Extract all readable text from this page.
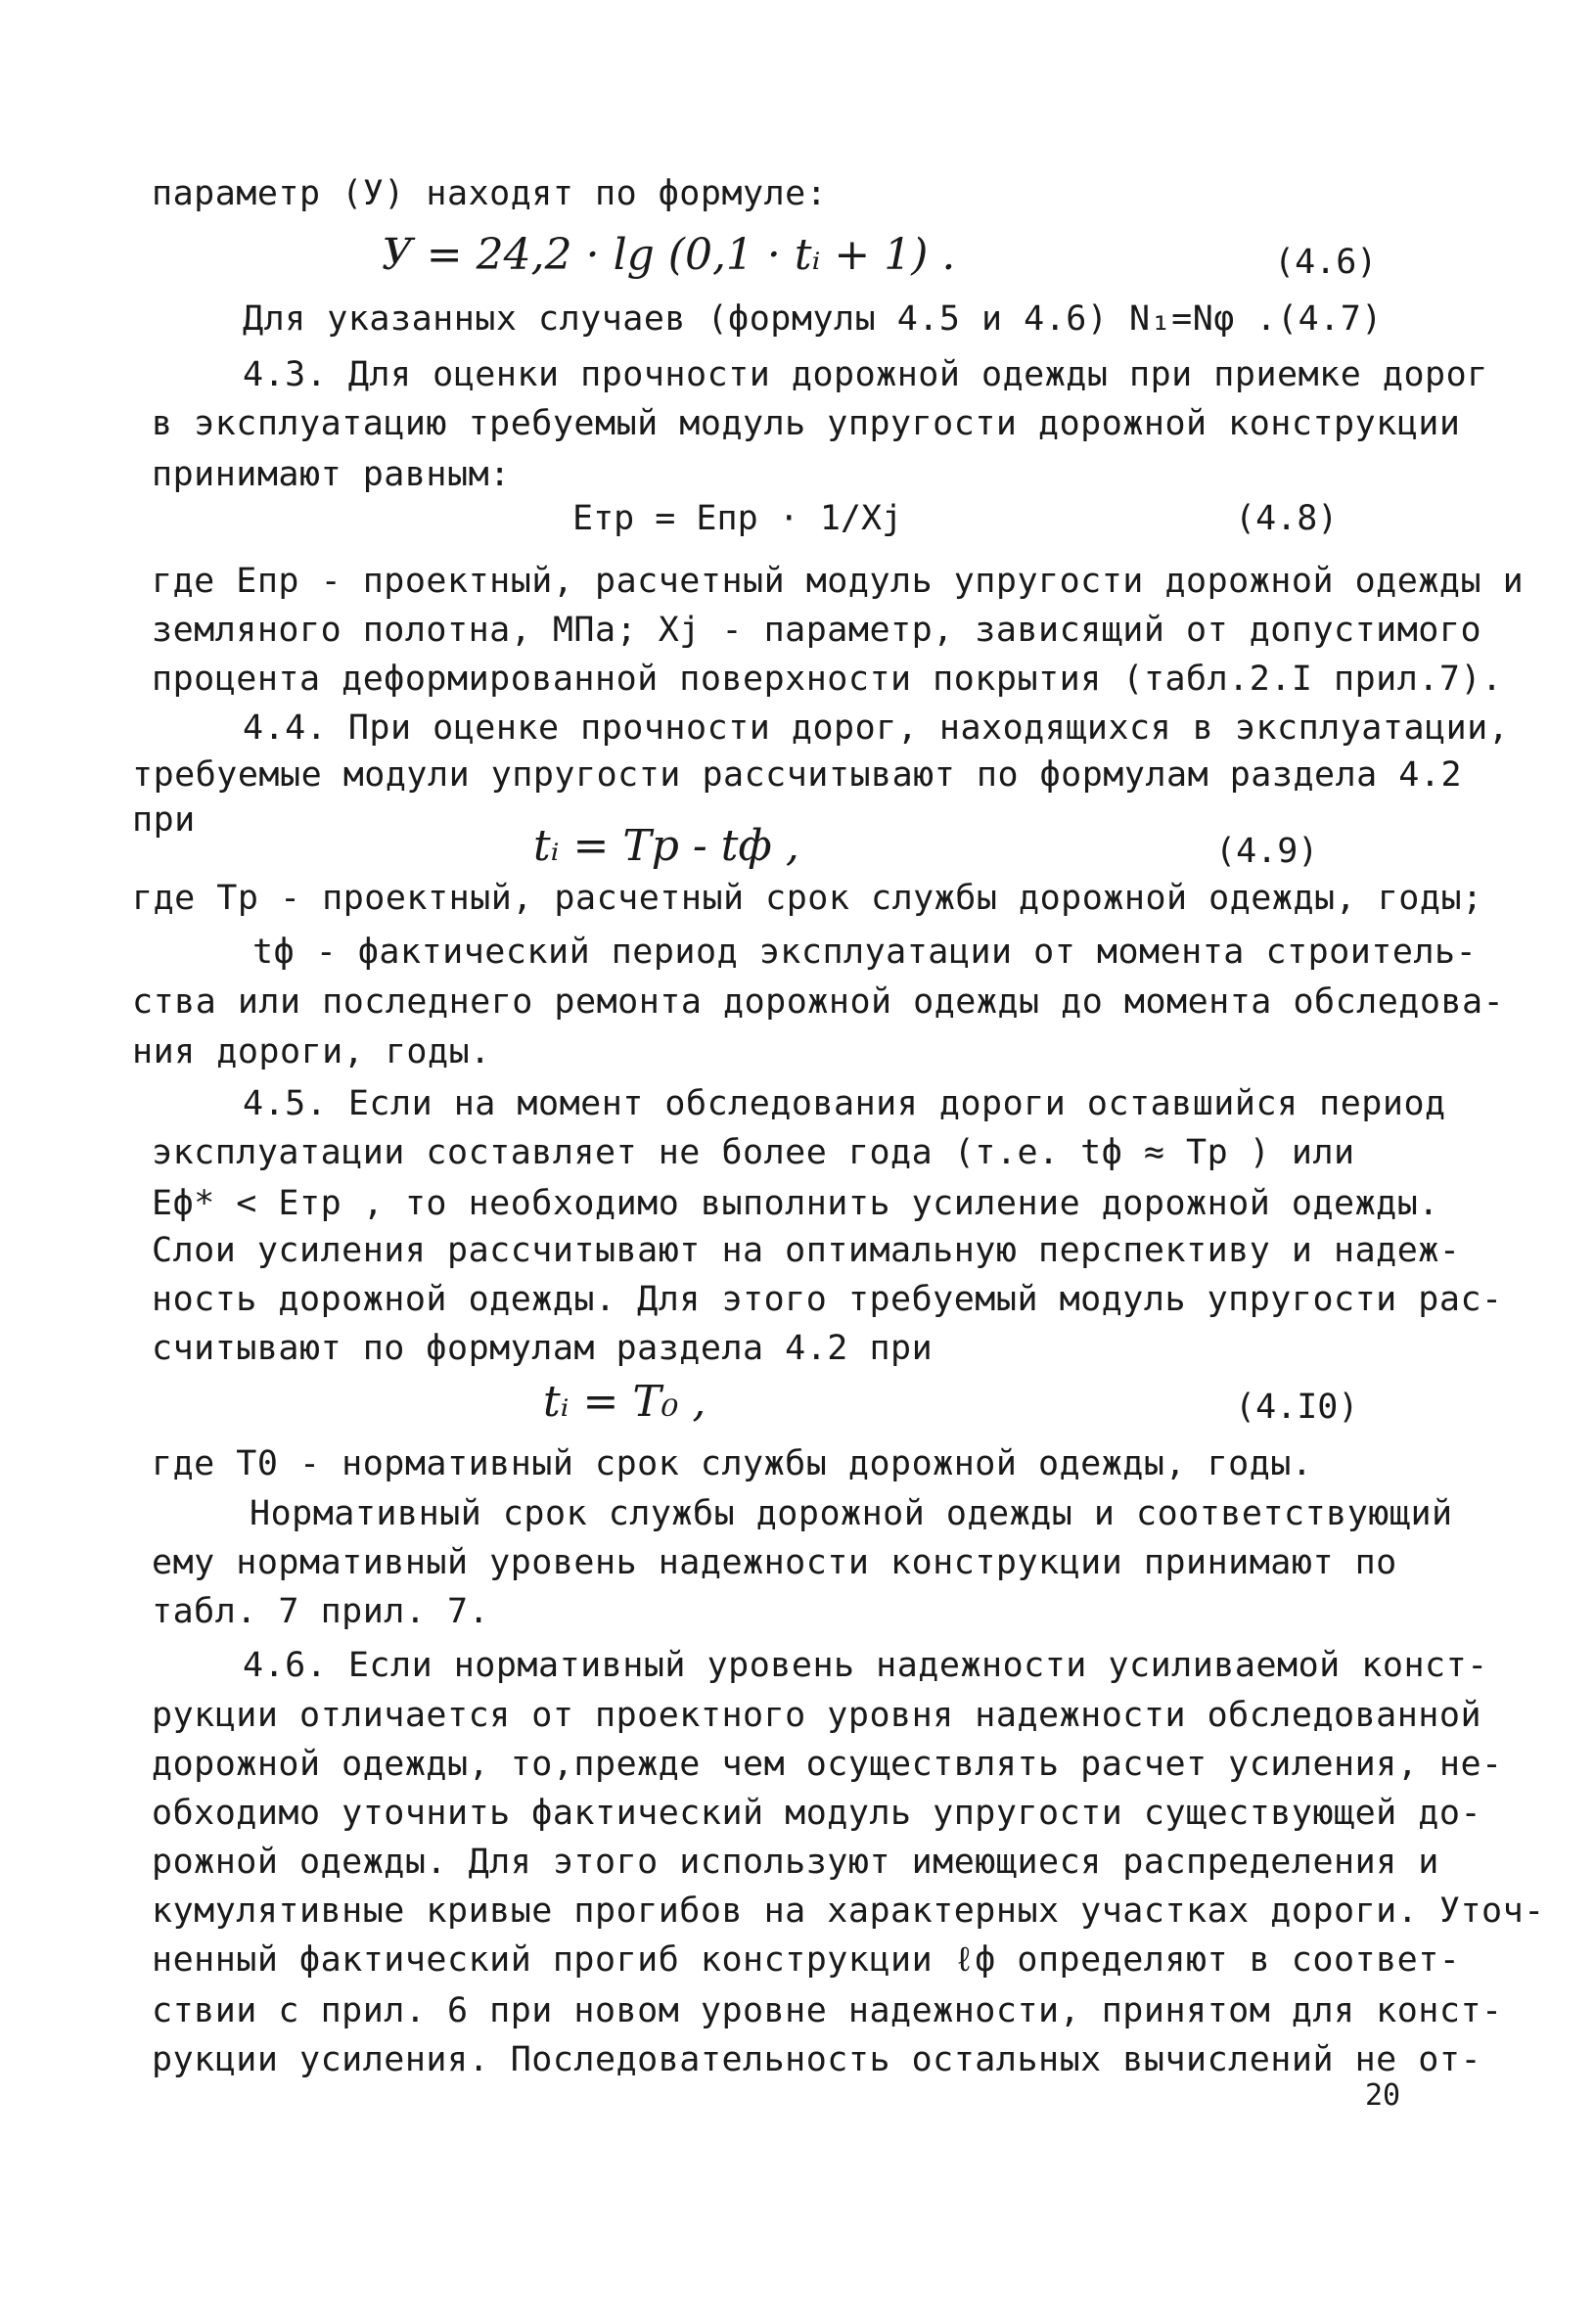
параметр (У) находят по формуле:
У = 24,2 · lg (0,1 · tᵢ + 1) .	(4.6)
Для указанных случаев (формулы 4.5 и 4.6) N₁=Nφ .(4.7)
4.3. Для оценки прочности дорожной одежды при приемке дорог
в эксплуатацию требуемый модуль упругости дорожной конструкции
принимают равным:
Eтр = Eпр · 1/Xj	(4.8)
где Eпр - проектный, расчетный модуль упругости дорожной одежды и
земляного полотна, МПа; Xj - параметр, зависящий от допустимого
процента деформированной поверхности покрытия (табл.2.I прил.7).
4.4. При оценке прочности дорог, находящихся в эксплуатации,
требуемые модули упругости рассчитывают по формулам раздела 4.2
при
tᵢ = Tр - tф ,	(4.9)
где Tp - проектный, расчетный срок службы дорожной одежды, годы;
tф - фактический период эксплуатации от момента строитель-
ства или последнего ремонта дорожной одежды до момента обследова-
ния дороги, годы.
4.5. Если на момент обследования дороги оставшийся период
эксплуатации составляет не более года (т.е. tф ≈ Tр ) или
Eф* < Eтр , то необходимо выполнить усиление дорожной одежды.
Слои усиления рассчитывают на оптимальную перспективу и надеж-
ность дорожной одежды. Для этого требуемый модуль упругости рас-
считывают по формулам раздела 4.2 при
tᵢ = T₀ ,	(4.I0)
где T0 - нормативный срок службы дорожной одежды, годы.
Нормативный срок службы дорожной одежды и соответствующий
ему нормативный уровень надежности конструкции принимают по
табл. 7 прил. 7.
4.6. Если нормативный уровень надежности усиливаемой конст-
рукции отличается от проектного уровня надежности обследованной
дорожной одежды, то,прежде чем осуществлять расчет усиления, не-
обходимо уточнить фактический модуль упругости существующей до-
рожной одежды. Для этого используют имеющиеся распределения и
кумулятивные кривые прогибов на характерных участках дороги. Уточ-
ненный фактический прогиб конструкции ℓф определяют в соответ-
ствии с прил. 6 при новом уровне надежности, принятом для конст-
рукции усиления. Последовательность остальных вычислений не от-
20
